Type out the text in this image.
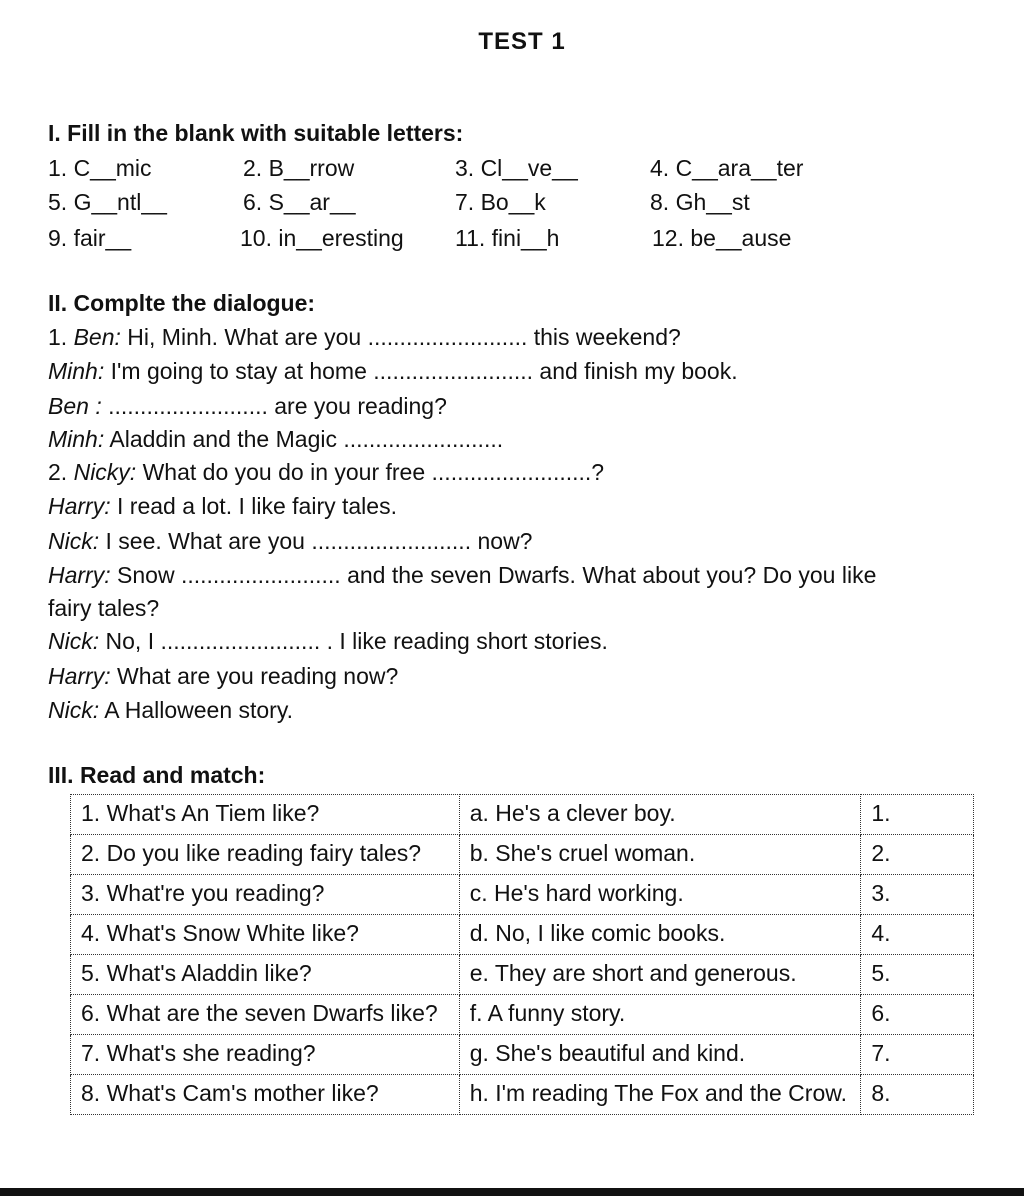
TEST 1
I. Fill in the blank with suitable letters:
1. C__mic	2. B__rrow	3. Cl__ve__	4. C__ara__ter
5. G__ntl__	6. S__ar__	7. Bo__k	8. Gh__st
9. fair__	10. in__eresting 11. fini__h	12. be__ause
II. Complte the dialogue:
1. Ben: Hi, Minh. What are you ......................... this weekend?
Minh: I'm going to stay at home ......................... and finish my book.
Ben : ......................... are you reading?
Minh: Aladdin and the Magic .........................
2. Nicky: What do you do in your free .........................?
Harry: I read a lot. I like fairy tales.
Nick: I see. What are you ......................... now?
Harry: Snow ......................... and the seven Dwarfs. What about you? Do you like
fairy tales?
Nick: No, I ......................... . I like reading short stories.
Harry: What are you reading now?
Nick: A Halloween story.
III. Read and match:
1. What's An Tiem like?	a. He's a clever boy.	1.

2. Do you like reading fairy tales?	b. She's cruel woman.	2.

3. What're you reading?	c. He's hard working.	3.

4. What's Snow White like?	d. No, I like comic books.	4.

5. What's Aladdin like?	e. They are short and generous.	5.

6. What are the seven Dwarfs like?	f. A funny story.	6.

7. What's she reading?	g. She's beautiful and kind.	7.

8. What's Cam's mother like?	h. I'm reading The Fox and the Crow.	8.
